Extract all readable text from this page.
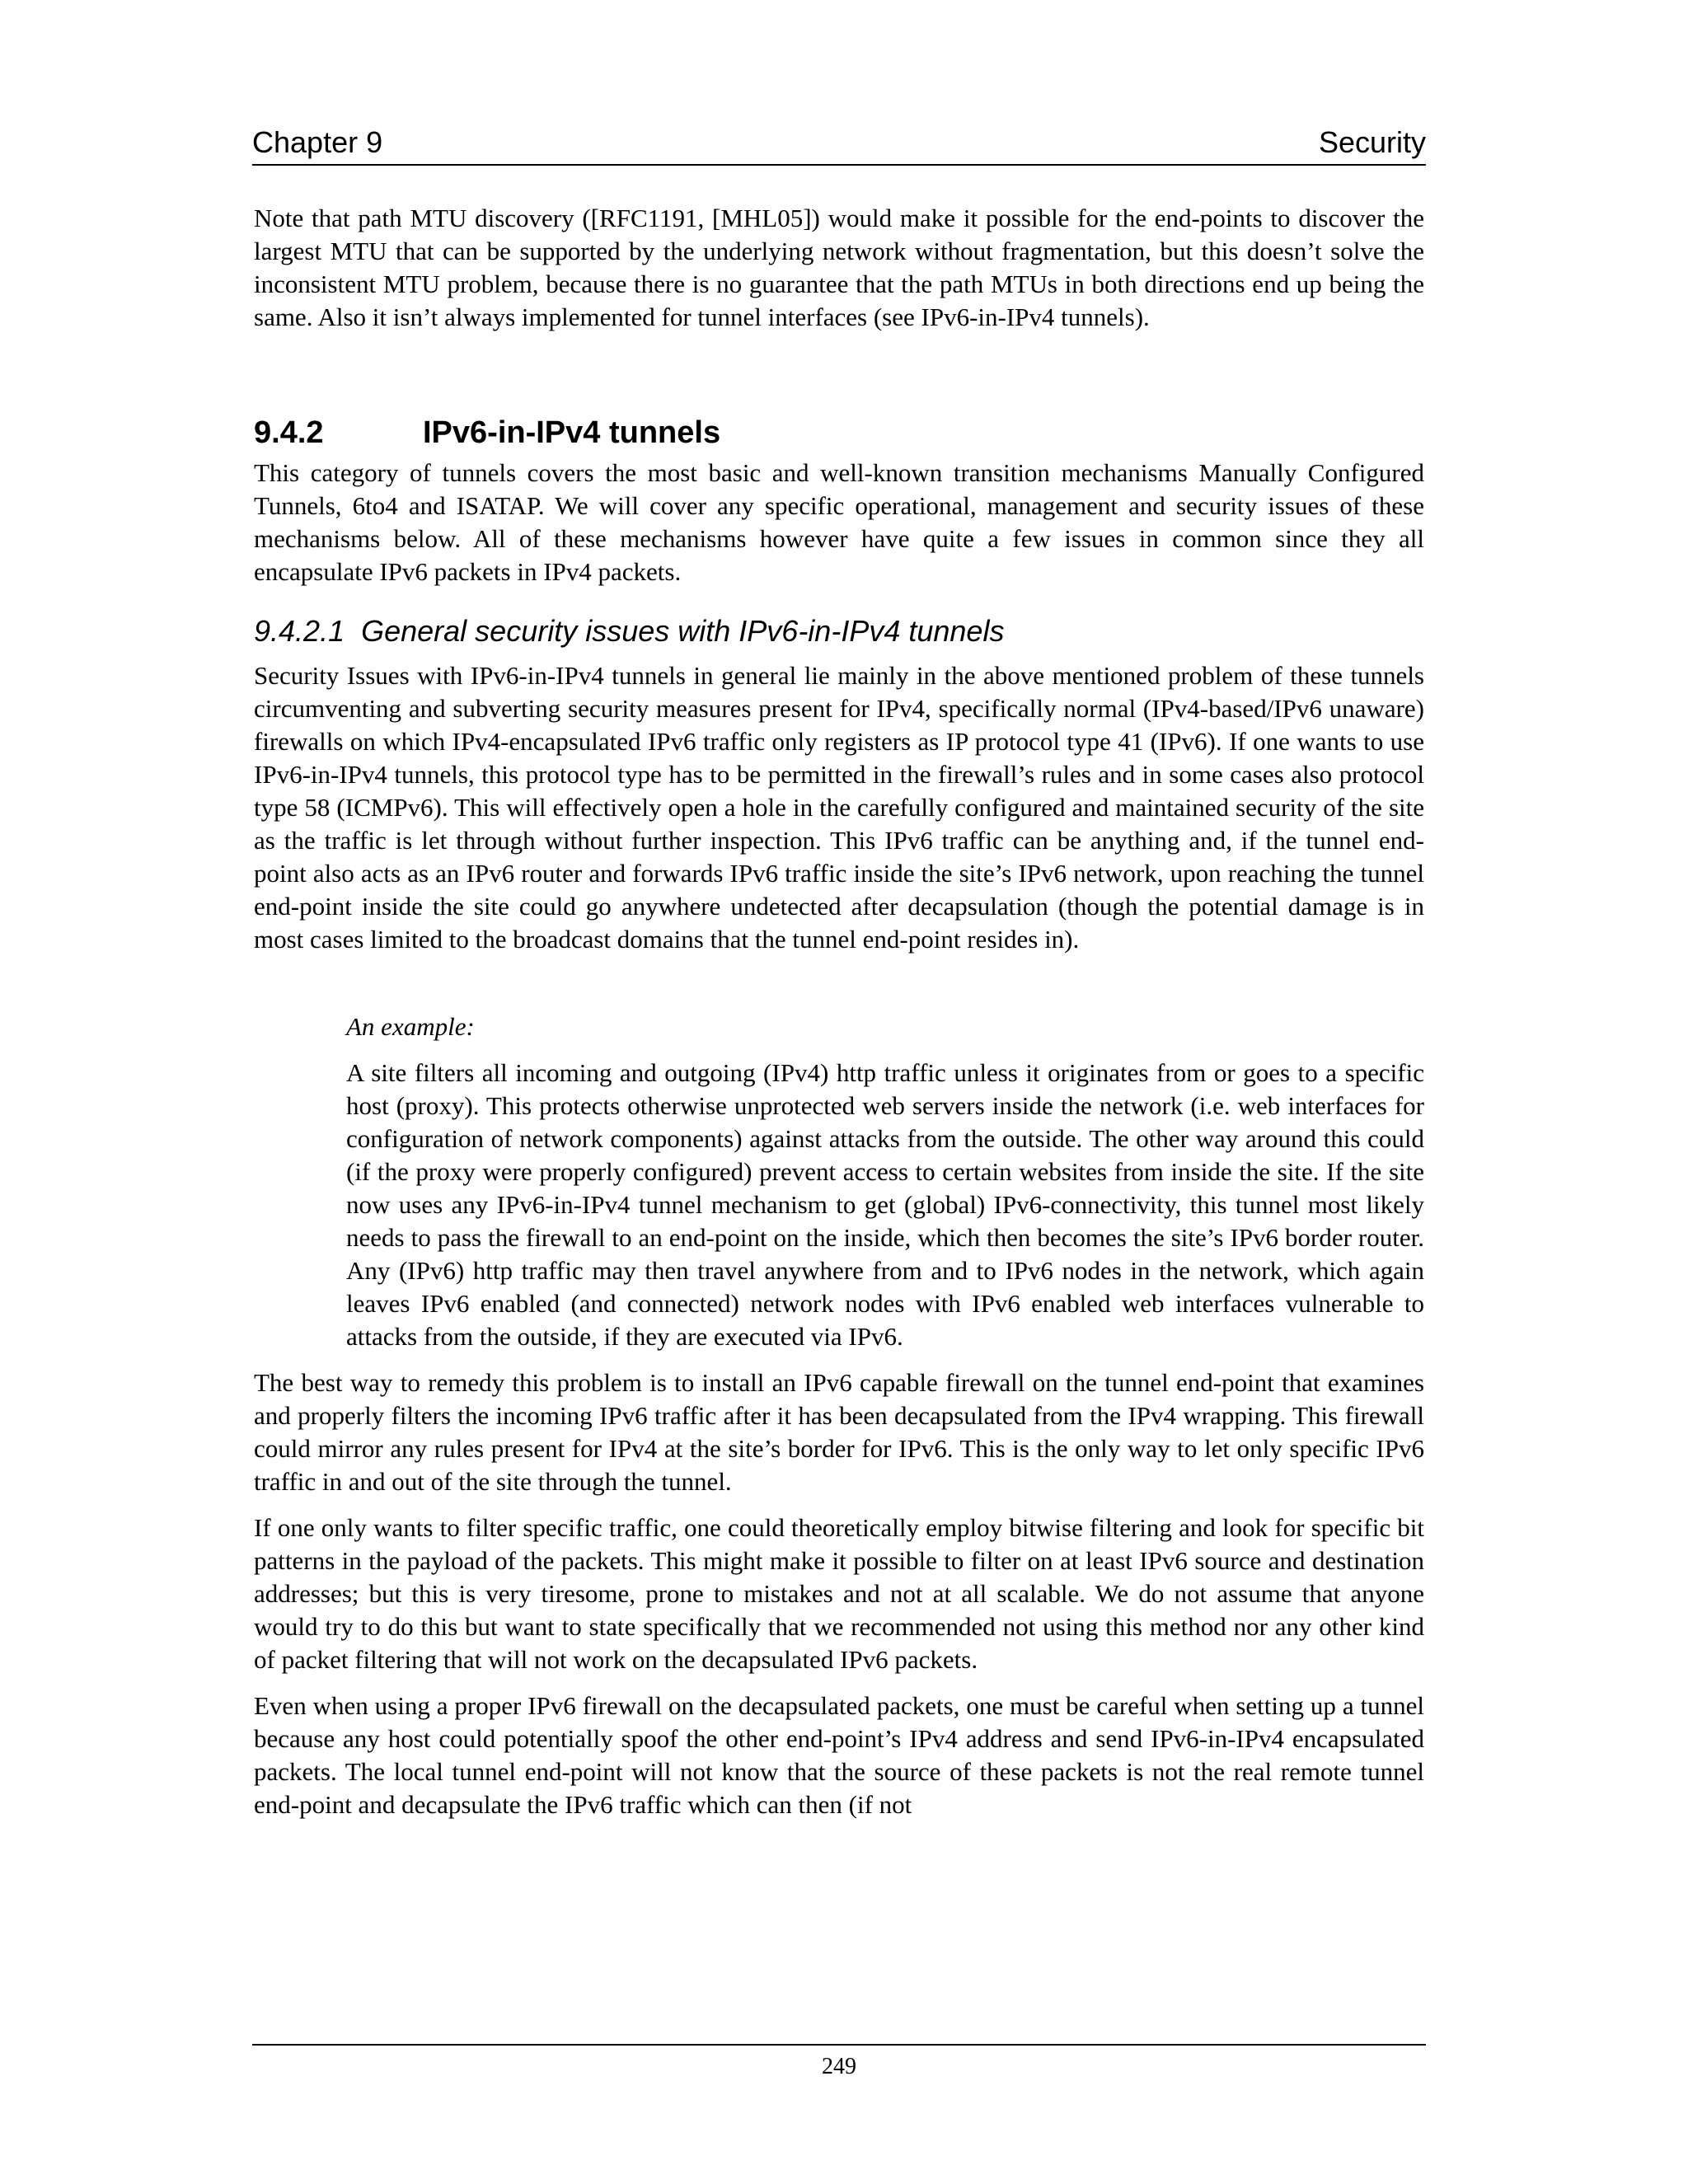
Chapter 9	Security

Note that path MTU discovery ([RFC1191, [MHL05]) would make it possible for the end-points to discover the largest MTU that can be supported by the underlying network without fragmentation, but this doesn’t solve the inconsistent MTU problem, because there is no guarantee that the path MTUs in both directions end up being the same. Also it isn’t always implemented for tunnel interfaces (see IPv6-in-IPv4 tunnels).

9.4.2	IPv6-in-IPv4 tunnels

This category of tunnels covers the most basic and well-known transition mechanisms Manually Configured Tunnels, 6to4 and ISATAP. We will cover any specific operational, management and security issues of these mechanisms below. All of these mechanisms however have quite a few issues in common since they all encapsulate IPv6 packets in IPv4 packets.

9.4.2.1 General security issues with IPv6-in-IPv4 tunnels

Security Issues with IPv6-in-IPv4 tunnels in general lie mainly in the above mentioned problem of these tunnels circumventing and subverting security measures present for IPv4, specifically normal (IPv4-based/IPv6 unaware) firewalls on which IPv4-encapsulated IPv6 traffic only registers as IP protocol type 41 (IPv6). If one wants to use IPv6-in-IPv4 tunnels, this protocol type has to be permitted in the firewall’s rules and in some cases also protocol type 58 (ICMPv6). This will effectively open a hole in the carefully configured and maintained security of the site as the traffic is let through without further inspection. This IPv6 traffic can be anything and, if the tunnel end-point also acts as an IPv6 router and forwards IPv6 traffic inside the site’s IPv6 network, upon reaching the tunnel end-point inside the site could go anywhere undetected after decapsulation (though the potential damage is in most cases limited to the broadcast domains that the tunnel end-point resides in).

An example:

A site filters all incoming and outgoing (IPv4) http traffic unless it originates from or goes to a specific host (proxy). This protects otherwise unprotected web servers inside the network (i.e. web interfaces for configuration of network components) against attacks from the outside. The other way around this could (if the proxy were properly configured) prevent access to certain websites from inside the site. If the site now uses any IPv6-in-IPv4 tunnel mechanism to get (global) IPv6-connectivity, this tunnel most likely needs to pass the firewall to an end-point on the inside, which then becomes the site’s IPv6 border router. Any (IPv6) http traffic may then travel anywhere from and to IPv6 nodes in the network, which again leaves IPv6 enabled (and connected) network nodes with IPv6 enabled web interfaces vulnerable to attacks from the outside, if they are executed via IPv6.

The best way to remedy this problem is to install an IPv6 capable firewall on the tunnel end-point that examines and properly filters the incoming IPv6 traffic after it has been decapsulated from the IPv4 wrapping. This firewall could mirror any rules present for IPv4 at the site’s border for IPv6. This is the only way to let only specific IPv6 traffic in and out of the site through the tunnel.

If one only wants to filter specific traffic, one could theoretically employ bitwise filtering and look for specific bit patterns in the payload of the packets. This might make it possible to filter on at least IPv6 source and destination addresses; but this is very tiresome, prone to mistakes and not at all scalable. We do not assume that anyone would try to do this but want to state specifically that we recommended not using this method nor any other kind of packet filtering that will not work on the decapsulated IPv6 packets.

Even when using a proper IPv6 firewall on the decapsulated packets, one must be careful when setting up a tunnel because any host could potentially spoof the other end-point’s IPv4 address and send IPv6-in-IPv4 encapsulated packets. The local tunnel end-point will not know that the source of these packets is not the real remote tunnel end-point and decapsulate the IPv6 traffic which can then (if not

249
